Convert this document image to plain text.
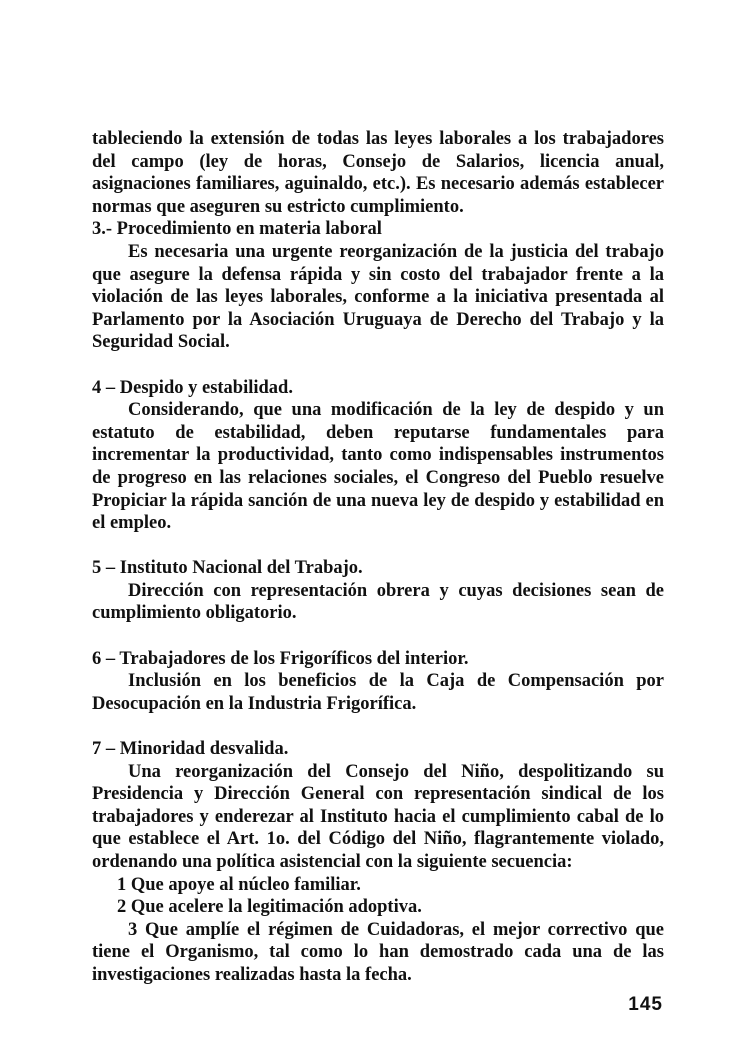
tableciendo la extensión de todas las leyes laborales a los trabajadores del campo (ley de horas, Consejo de Salarios, licencia anual, asignaciones familiares, aguinaldo, etc.). Es necesario además establecer normas que aseguren su estricto cumplimiento.

3.- Procedimiento en materia laboral

Es necesaria una urgente reorganización de la justicia del trabajo que asegure la defensa rápida y sin costo del trabajador frente a la violación de las leyes laborales, conforme a la iniciativa presentada al Parlamento por la Asociación Uruguaya de Derecho del Trabajo y la Seguridad Social.

4 – Despido y estabilidad.

Considerando, que una modificación de la ley de despido y un estatuto de estabilidad, deben reputarse fundamentales para incrementar la productividad, tanto como indispensables instrumentos de progreso en las relaciones sociales, el Congreso del Pueblo resuelve Propiciar la rápida sanción de una nueva ley de despido y estabilidad en el empleo.

5 – Instituto Nacional del Trabajo.

Dirección con representación obrera y cuyas decisiones sean de cumplimiento obligatorio.

6 – Trabajadores de los Frigoríficos del interior.

Inclusión en los beneficios de la Caja de Compensación por Desocupación en la Industria Frigorífica.

7 – Minoridad desvalida.

Una reorganización del Consejo del Niño, despolitizando su Presidencia y Dirección General con representación sindical de los trabajadores y enderezar al Instituto hacia el cumplimiento cabal de lo que establece el Art. 1o. del Código del Niño, flagrantemente violado, ordenando una política asistencial con la siguiente secuencia:

1 Que apoye al núcleo familiar.

2 Que acelere la legitimación adoptiva.

3 Que amplíe el régimen de Cuidadoras, el mejor correctivo que tiene el Organismo, tal como lo han demostrado cada una de las investigaciones realizadas hasta la fecha.

145
